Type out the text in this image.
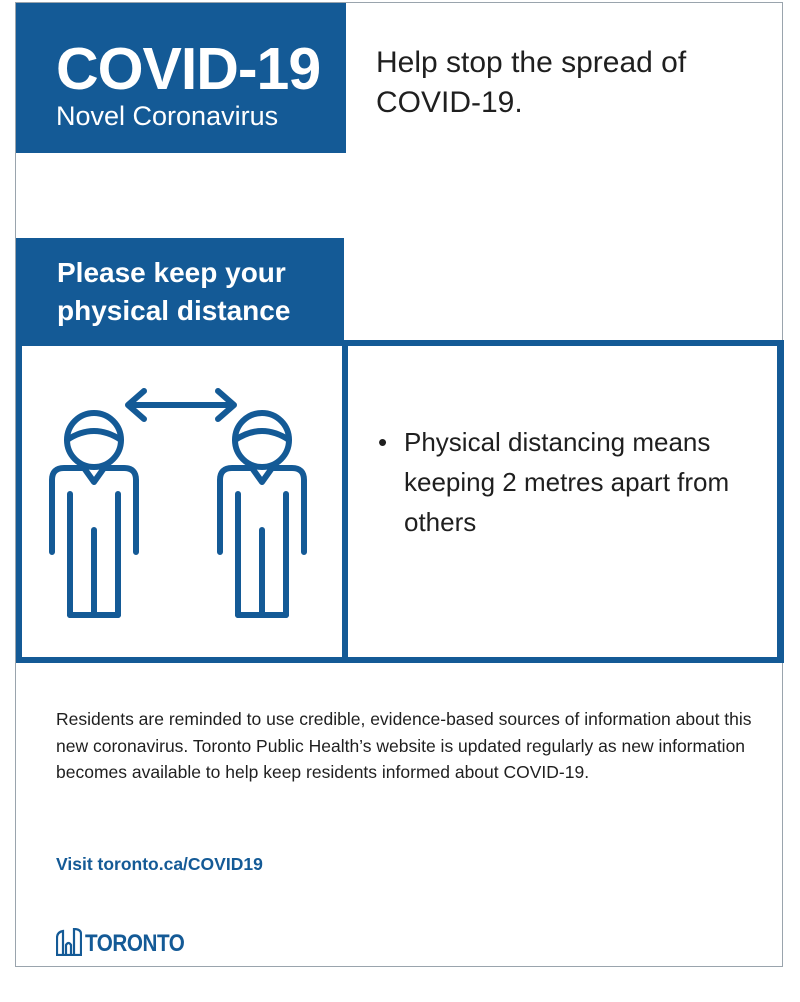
COVID-19
Novel Coronavirus
Help stop the spread of COVID-19.
Please keep your
physical distance
• Physical distancing means keeping 2 metres apart from others
Residents are reminded to use credible, evidence-based sources of information about this new coronavirus. Toronto Public Health’s website is updated regularly as new information becomes available to help keep residents informed about COVID-19.
Visit toronto.ca/COVID19
TORONTO
